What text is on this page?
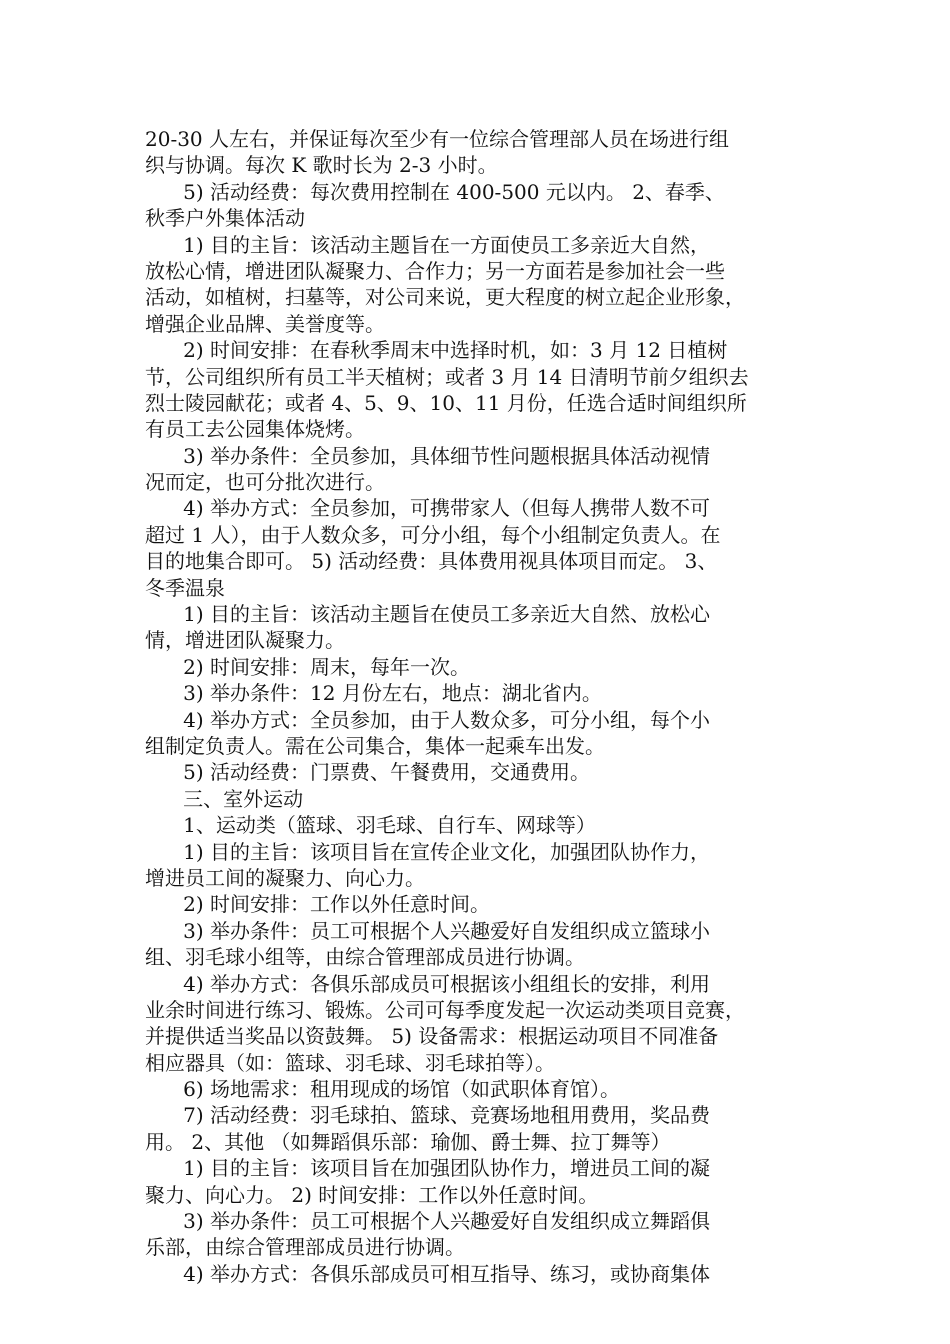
20-30 人左右，并保证每次至少有一位综合管理部人员在场进行组
织与协调。每次 K 歌时长为 2-3 小时。
5) 活动经费：每次费用控制在 400-500 元以内。 2、春季、
秋季户外集体活动
1) 目的主旨：该活动主题旨在一方面使员工多亲近大自然，
放松心情，增进团队凝聚力、合作力；另一方面若是参加社会一些
活动，如植树，扫墓等，对公司来说，更大程度的树立起企业形象，
增强企业品牌、美誉度等。
2) 时间安排：在春秋季周末中选择时机，如：3 月 12 日植树
节，公司组织所有员工半天植树；或者 3 月 14 日清明节前夕组织去
烈士陵园献花；或者 4、5、9、10、11 月份，任选合适时间组织所
有员工去公园集体烧烤。
3) 举办条件：全员参加，具体细节性问题根据具体活动视情
况而定，也可分批次进行。
4) 举办方式：全员参加，可携带家人（但每人携带人数不可
超过 1 人），由于人数众多，可分小组，每个小组制定负责人。在
目的地集合即可。 5) 活动经费：具体费用视具体项目而定。 3、
冬季温泉
1) 目的主旨：该活动主题旨在使员工多亲近大自然、放松心
情，增进团队凝聚力。
2) 时间安排：周末，每年一次。
3) 举办条件：12 月份左右，地点：湖北省内。
4) 举办方式：全员参加，由于人数众多，可分小组，每个小
组制定负责人。需在公司集合，集体一起乘车出发。
5) 活动经费：门票费、午餐费用，交通费用。
三、室外运动
1、运动类（篮球、羽毛球、自行车、网球等）
1) 目的主旨：该项目旨在宣传企业文化，加强团队协作力，
增进员工间的凝聚力、向心力。
2) 时间安排：工作以外任意时间。
3) 举办条件：员工可根据个人兴趣爱好自发组织成立篮球小
组、羽毛球小组等，由综合管理部成员进行协调。
4) 举办方式：各俱乐部成员可根据该小组组长的安排，利用
业余时间进行练习、锻炼。公司可每季度发起一次运动类项目竞赛，
并提供适当奖品以资鼓舞。 5) 设备需求：根据运动项目不同准备
相应器具（如：篮球、羽毛球、羽毛球拍等）。
6) 场地需求：租用现成的场馆（如武职体育馆）。
7) 活动经费：羽毛球拍、篮球、竞赛场地租用费用，奖品费
用。 2、其他 （如舞蹈俱乐部：瑜伽、爵士舞、拉丁舞等）
1) 目的主旨：该项目旨在加强团队协作力，增进员工间的凝
聚力、向心力。 2) 时间安排：工作以外任意时间。
3) 举办条件：员工可根据个人兴趣爱好自发组织成立舞蹈俱
乐部，由综合管理部成员进行协调。
4) 举办方式：各俱乐部成员可相互指导、练习，或协商集体
